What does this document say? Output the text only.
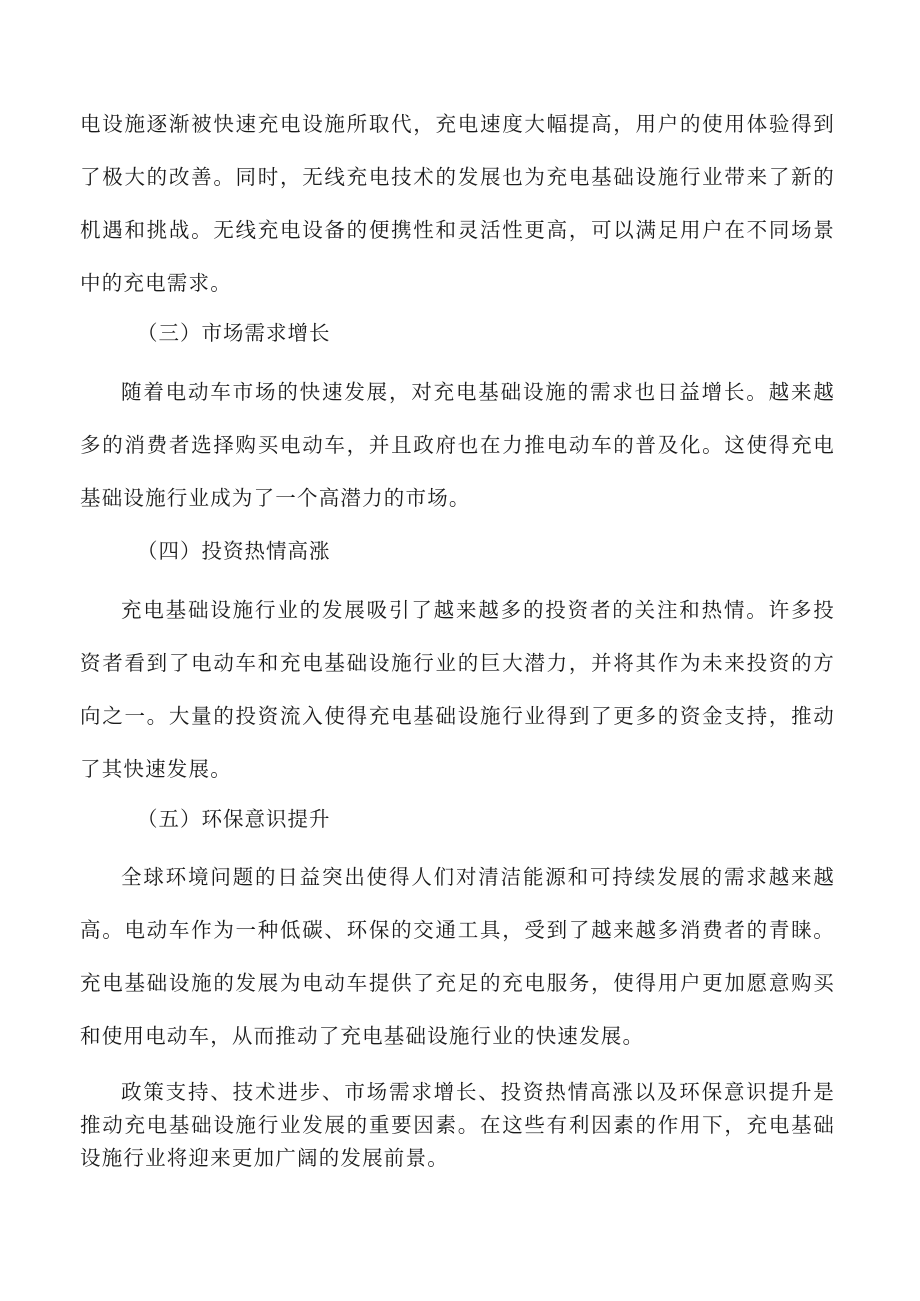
电设施逐渐被快速充电设施所取代，充电速度大幅提高，用户的使用体验得到了极大的改善。同时，无线充电技术的发展也为充电基础设施行业带来了新的机遇和挑战。无线充电设备的便携性和灵活性更高，可以满足用户在不同场景中的充电需求。

（三）市场需求增长

随着电动车市场的快速发展，对充电基础设施的需求也日益增长。越来越多的消费者选择购买电动车，并且政府也在力推电动车的普及化。这使得充电基础设施行业成为了一个高潜力的市场。

（四）投资热情高涨

充电基础设施行业的发展吸引了越来越多的投资者的关注和热情。许多投资者看到了电动车和充电基础设施行业的巨大潜力，并将其作为未来投资的方向之一。大量的投资流入使得充电基础设施行业得到了更多的资金支持，推动了其快速发展。

（五）环保意识提升

全球环境问题的日益突出使得人们对清洁能源和可持续发展的需求越来越高。电动车作为一种低碳、环保的交通工具，受到了越来越多消费者的青睐。充电基础设施的发展为电动车提供了充足的充电服务，使得用户更加愿意购买和使用电动车，从而推动了充电基础设施行业的快速发展。

政策支持、技术进步、市场需求增长、投资热情高涨以及环保意识提升是推动充电基础设施行业发展的重要因素。在这些有利因素的作用下，充电基础设施行业将迎来更加广阔的发展前景。
